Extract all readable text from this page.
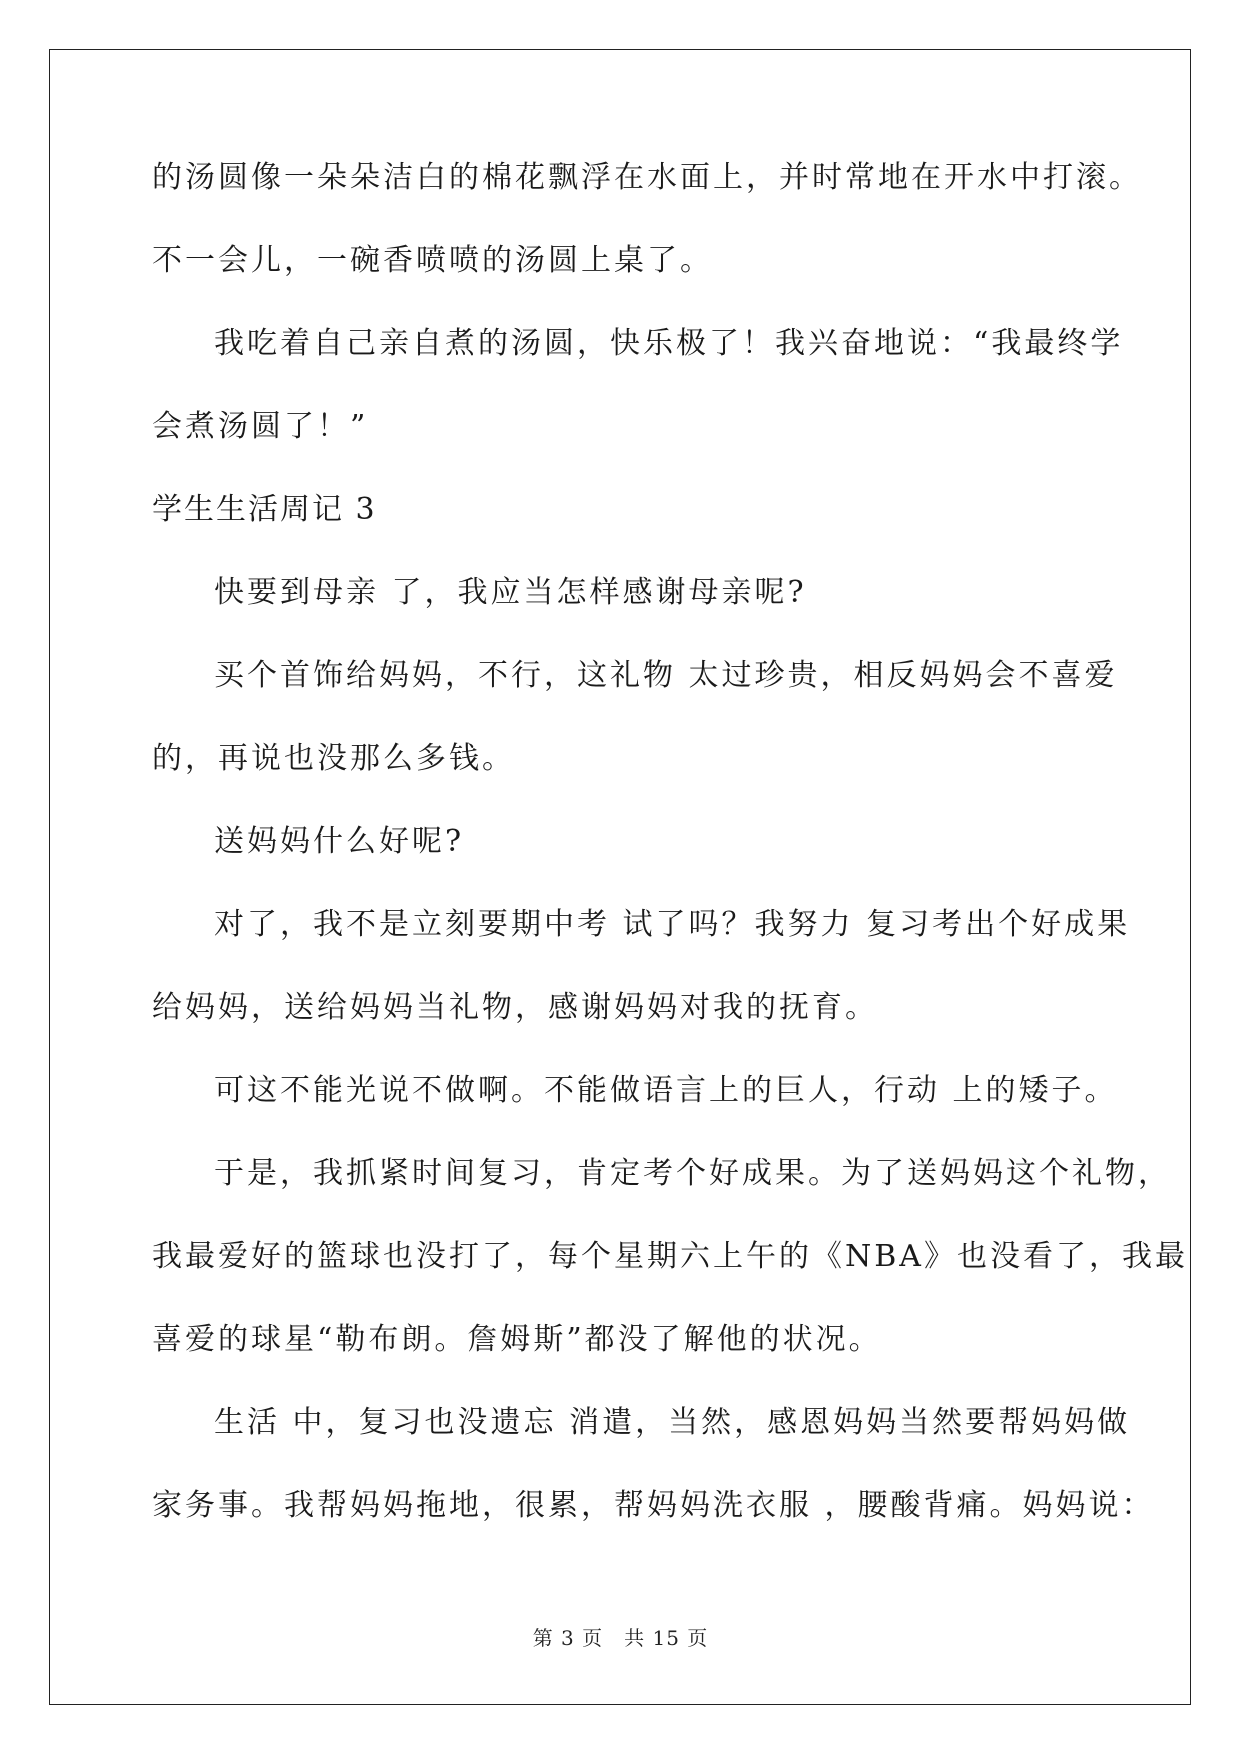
的汤圆像一朵朵洁白的棉花飘浮在水面上，并时常地在开水中打滚。
不一会儿，一碗香喷喷的汤圆上桌了。
我吃着自己亲自煮的汤圆，快乐极了！我兴奋地说：“我最终学
会煮汤圆了！”
学生生活周记 3
快要到母亲 了，我应当怎样感谢母亲呢?
买个首饰给妈妈，不行，这礼物 太过珍贵，相反妈妈会不喜爱
的，再说也没那么多钱。
送妈妈什么好呢?
对了，我不是立刻要期中考 试了吗？我努力 复习考出个好成果
给妈妈，送给妈妈当礼物，感谢妈妈对我的抚育。
可这不能光说不做啊。不能做语言上的巨人，行动 上的矮子。
于是，我抓紧时间复习，肯定考个好成果。为了送妈妈这个礼物，
我最爱好的篮球也没打了，每个星期六上午的《NBA》也没看了，我最
喜爱的球星“勒布朗。詹姆斯”都没了解他的状况。
生活 中，复习也没遗忘 消遣，当然，感恩妈妈当然要帮妈妈做
家务事。我帮妈妈拖地，很累，帮妈妈洗衣服 ，腰酸背痛。妈妈说：
第 3 页　共 15 页
